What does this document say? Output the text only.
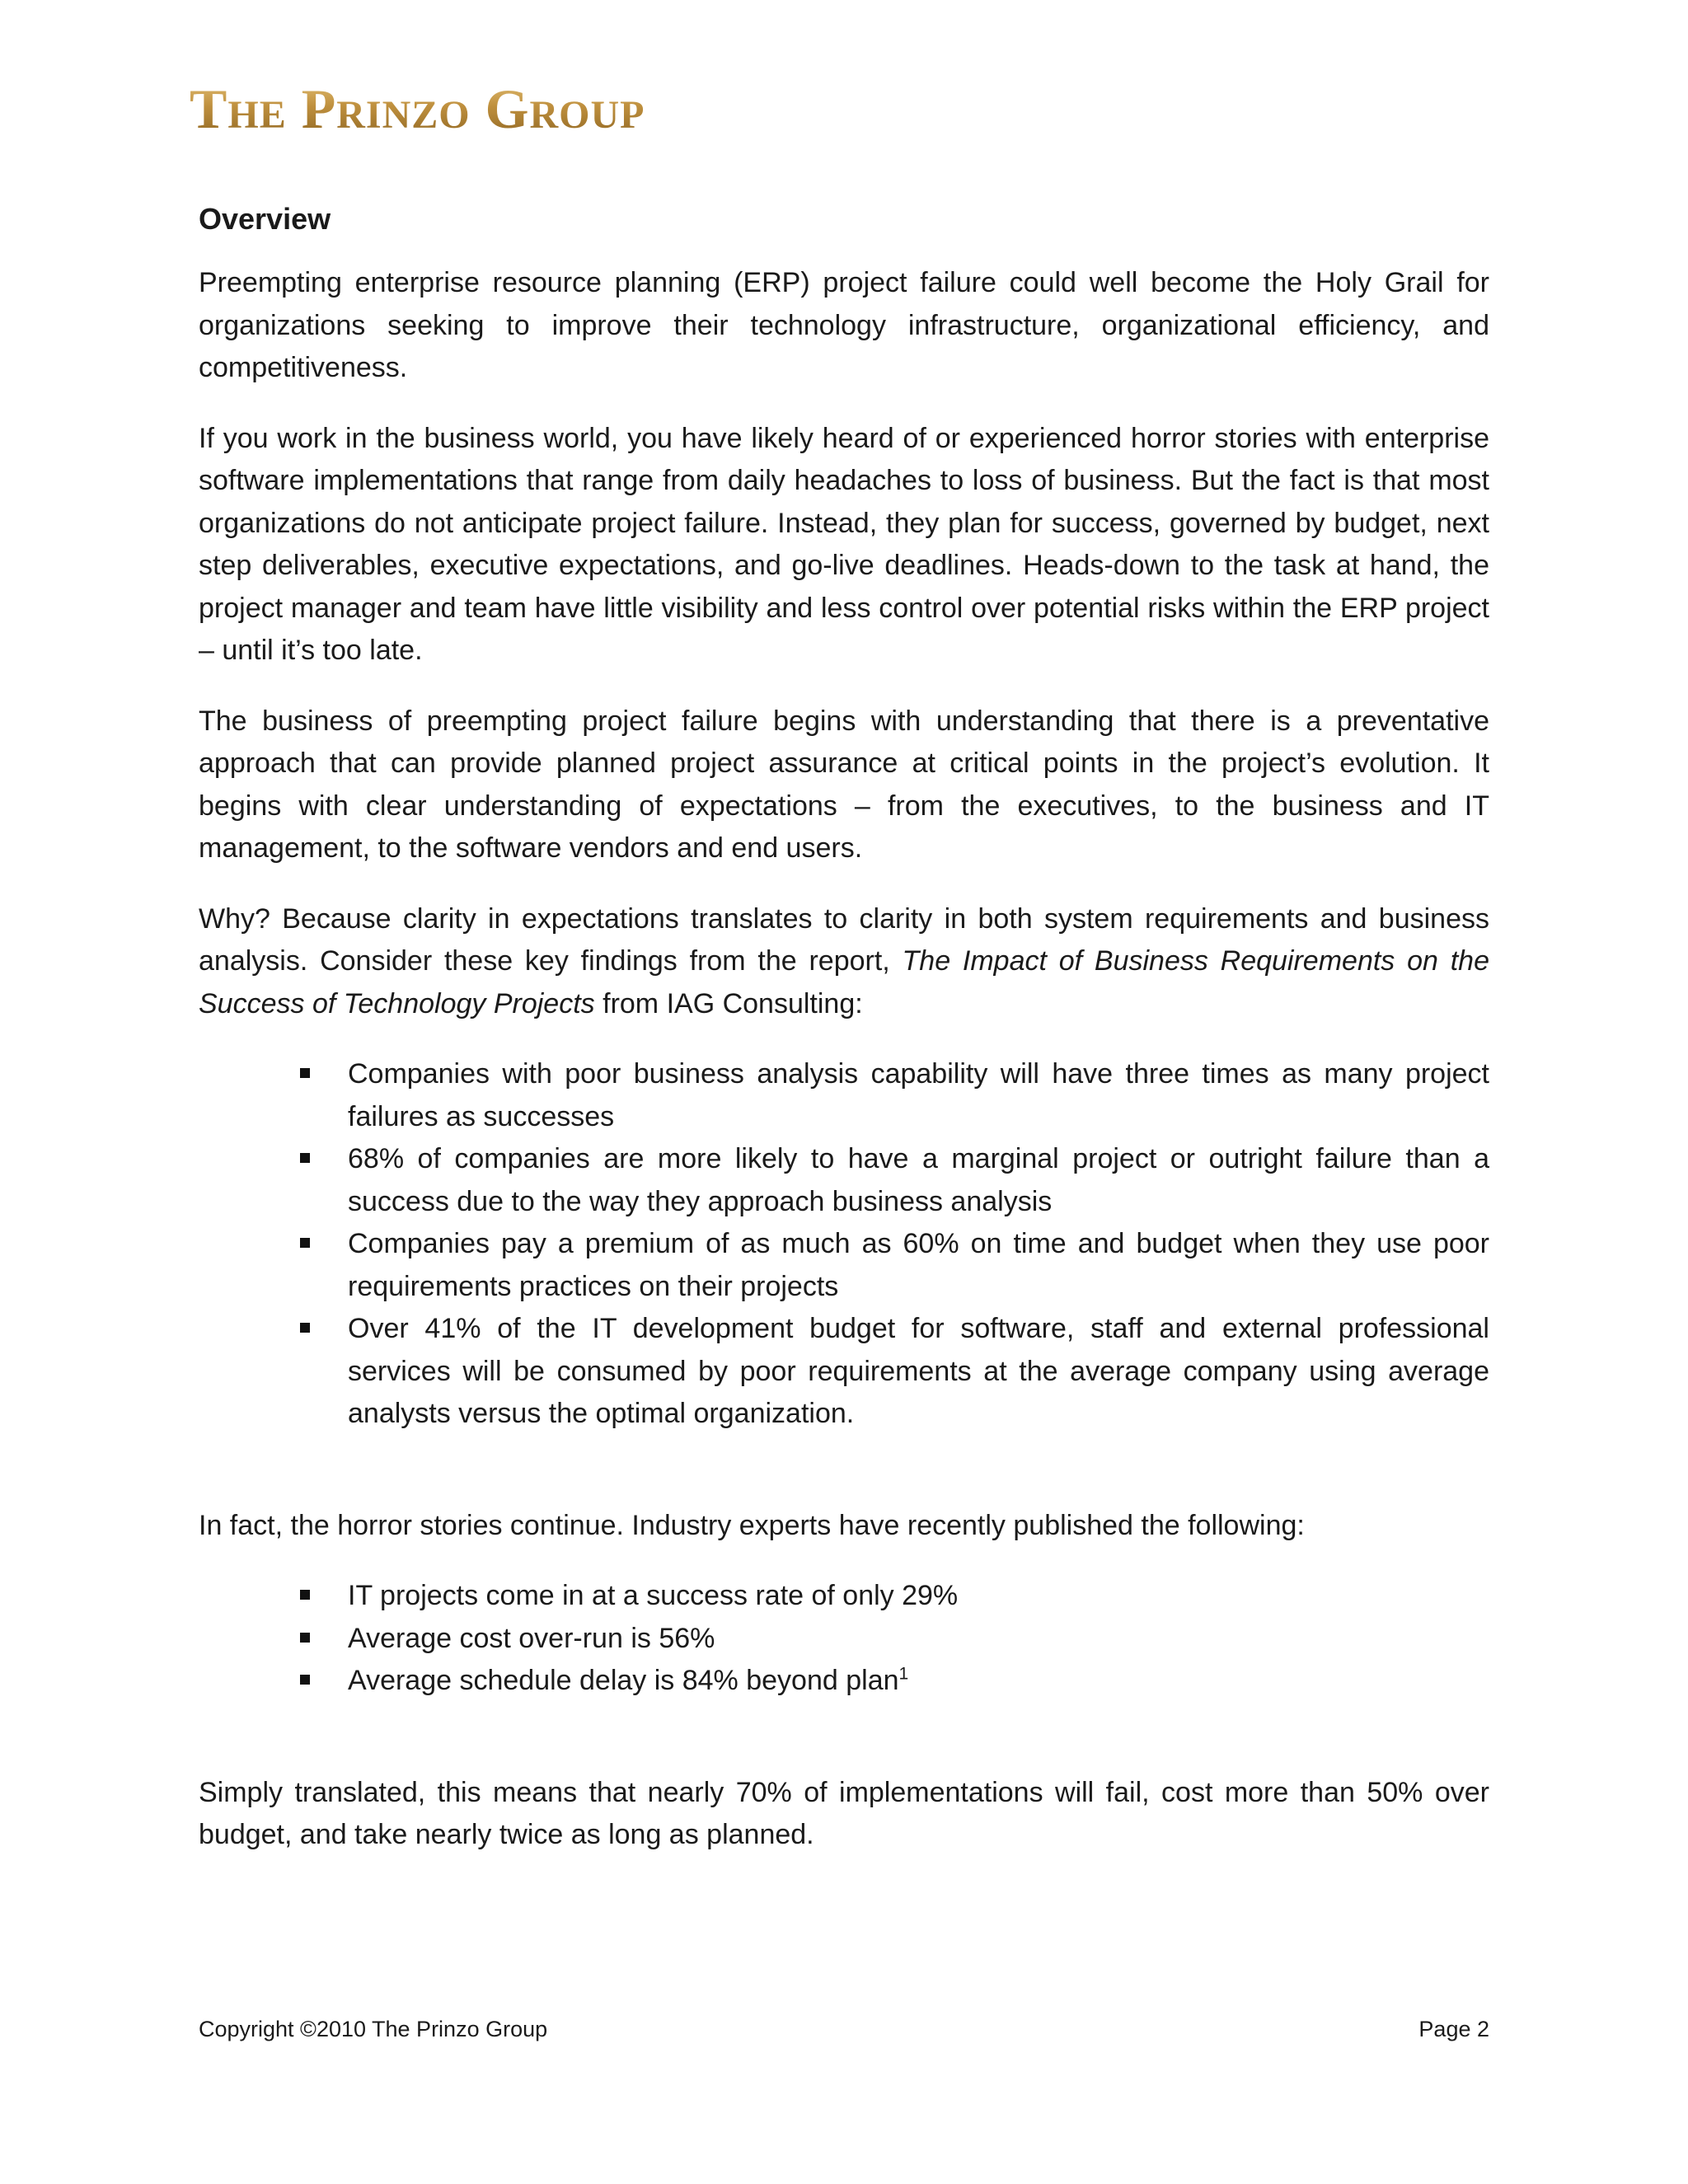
The Prinzo Group
Overview

Preempting enterprise resource planning (ERP) project failure could well become the Holy Grail for organizations seeking to improve their technology infrastructure, organizational efficiency, and competitiveness.

If you work in the business world, you have likely heard of or experienced horror stories with enterprise software implementations that range from daily headaches to loss of business. But the fact is that most organizations do not anticipate project failure. Instead, they plan for success, governed by budget, next step deliverables, executive expectations, and go-live deadlines. Heads-down to the task at hand, the project manager and team have little visibility and less control over potential risks within the ERP project – until it’s too late.

The business of preempting project failure begins with understanding that there is a preventative approach that can provide planned project assurance at critical points in the project’s evolution. It begins with clear understanding of expectations – from the executives, to the business and IT management, to the software vendors and end users.

Why? Because clarity in expectations translates to clarity in both system requirements and business analysis. Consider these key findings from the report, The Impact of Business Requirements on the Success of Technology Projects from IAG Consulting:

Companies with poor business analysis capability will have three times as many project failures as successes
68% of companies are more likely to have a marginal project or outright failure than a success due to the way they approach business analysis
Companies pay a premium of as much as 60% on time and budget when they use poor requirements practices on their projects
Over 41% of the IT development budget for software, staff and external professional services will be consumed by poor requirements at the average company using average analysts versus the optimal organization.

In fact, the horror stories continue. Industry experts have recently published the following:

IT projects come in at a success rate of only 29%
Average cost over-run is 56%
Average schedule delay is 84% beyond plan$^1$

Simply translated, this means that nearly 70% of implementations will fail, cost more than 50% over budget, and take nearly twice as long as planned.

Copyright ©2010 The Prinzo Group	Page 2
